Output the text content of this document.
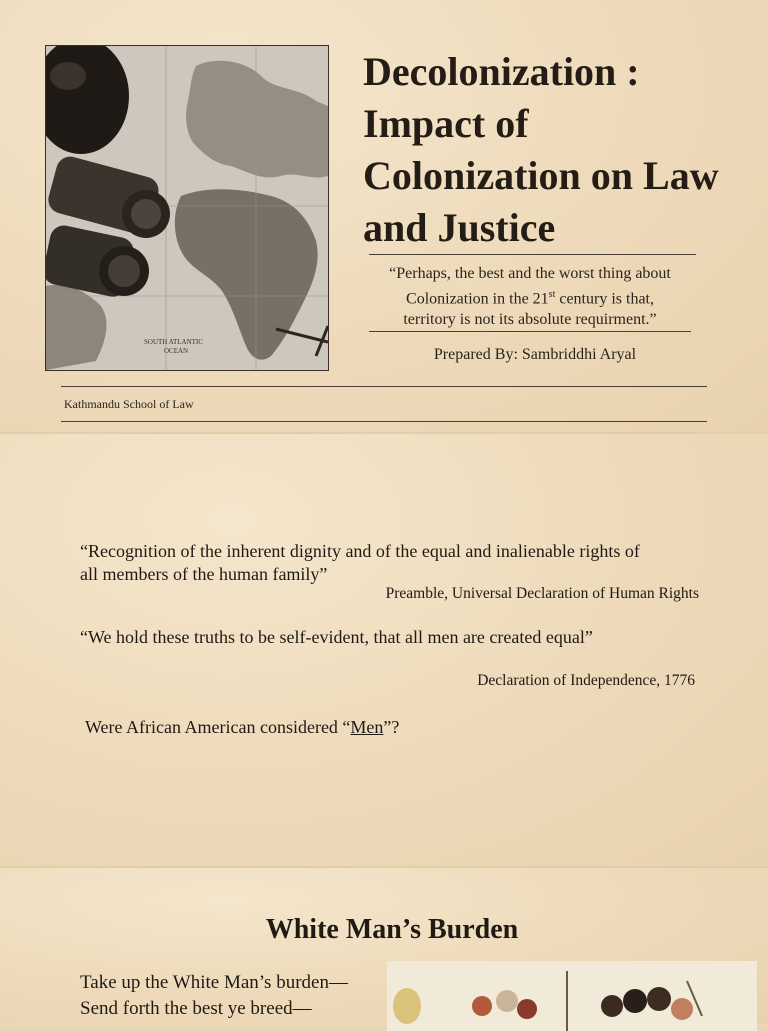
SOUTH ATLANTIC
OCEAN
Decolonization : Impact of Colonization on Law and Justice
“Perhaps, the best and the worst thing about
Colonization in the 21st century is that,
territory is not its absolute requirment.”
Prepared By: Sambriddhi Aryal
Kathmandu School of Law
“Recognition of the inherent dignity and of the equal and inalienable rights of
all members of the human family”
Preamble, Universal Declaration of Human Rights
“We hold these truths to be self-evident, that all men are created equal”
Declaration of Independence, 1776
Were African American considered “Men”?
White Man’s Burden
Take up the White Man’s burden—
Send forth the best ye breed—
